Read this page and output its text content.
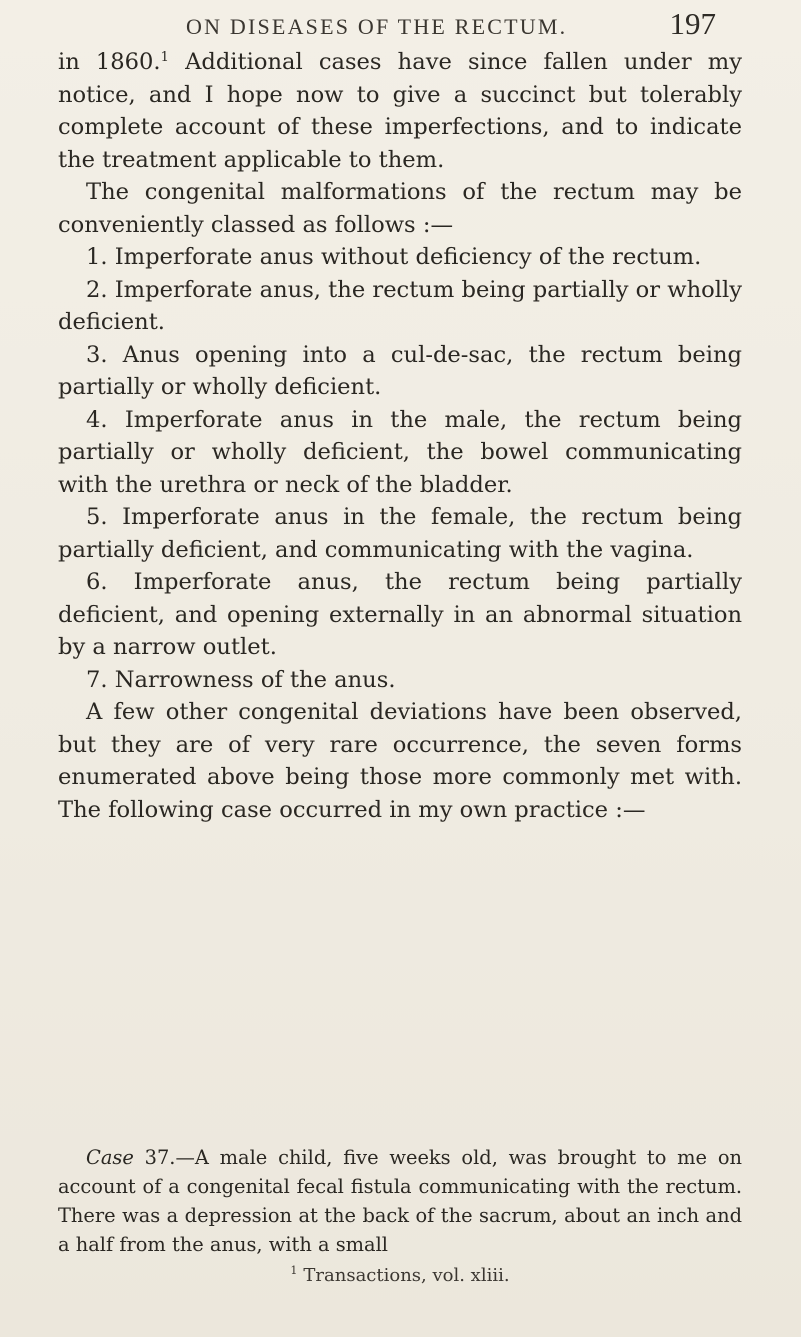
ON DISEASES OF THE RECTUM.	197

in 1860.$^1$ Additional cases have since fallen under my notice, and I hope now to give a succinct but tolerably complete account of these imperfections, and to indicate the treatment applicable to them.

The congenital malformations of the rectum may be conveniently classed as follows :—

1. Imperforate anus without deficiency of the rectum.

2. Imperforate anus, the rectum being partially or wholly deficient.

3. Anus opening into a cul-de-sac, the rectum being partially or wholly deficient.

4. Imperforate anus in the male, the rectum being partially or wholly deficient, the bowel communicating with the urethra or neck of the bladder.

5. Imperforate anus in the female, the rectum being partially deficient, and communicating with the vagina.

6. Imperforate anus, the rectum being partially deficient, and opening externally in an abnormal situation by a narrow outlet.

7. Narrowness of the anus.

A few other congenital deviations have been observed, but they are of very rare occurrence, the seven forms enumerated above being those more commonly met with. The following case occurred in my own practice :—

Case 37.—A male child, five weeks old, was brought to me on account of a congenital fecal fistula communicating with the rectum. There was a depression at the back of the sacrum, about an inch and a half from the anus, with a small

$^1$ Transactions, vol. xliii.
